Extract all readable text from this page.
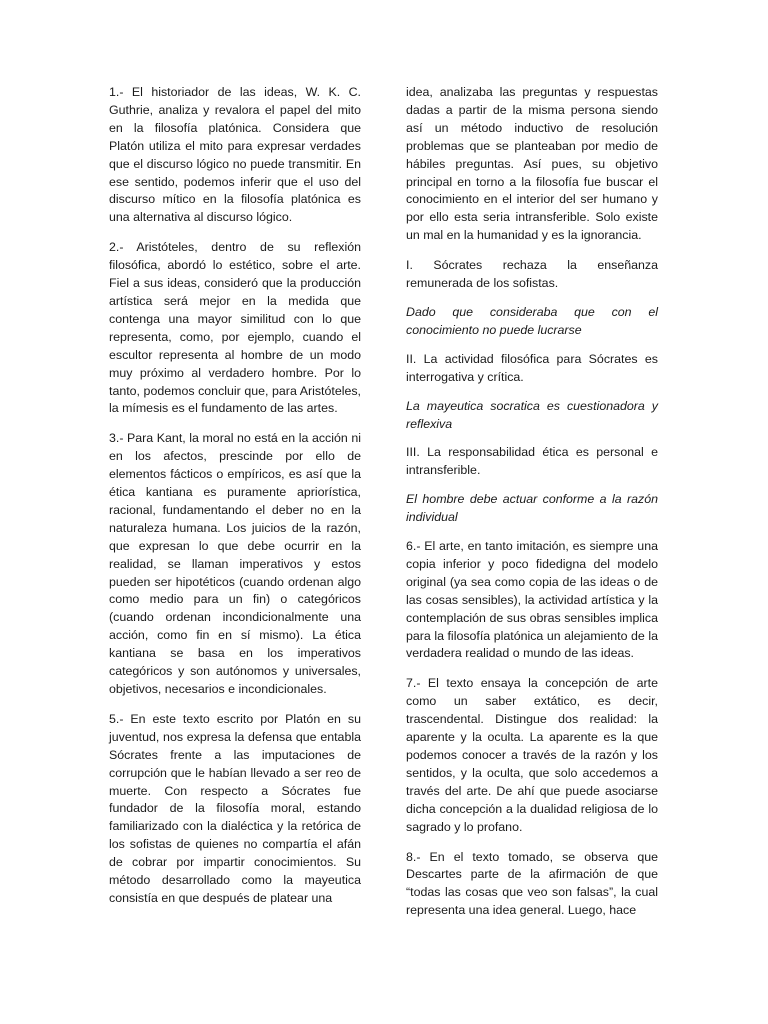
1.- El historiador de las ideas, W. K. C. Guthrie, analiza y revalora el papel del mito en la filosofía platónica. Considera que Platón utiliza el mito para expresar verdades que el discurso lógico no puede transmitir. En ese sentido, podemos inferir que el uso del discurso mítico en la filosofía platónica es una alternativa al discurso lógico.

2.- Aristóteles, dentro de su reflexión filosófica, abordó lo estético, sobre el arte. Fiel a sus ideas, consideró que la producción artística será mejor en la medida que contenga una mayor similitud con lo que representa, como, por ejemplo, cuando el escultor representa al hombre de un modo muy próximo al verdadero hombre. Por lo tanto, podemos concluir que, para Aristóteles, la mímesis es el fundamento de las artes.

3.- Para Kant, la moral no está en la acción ni en los afectos, prescinde por ello de elementos fácticos o empíricos, es así que la ética kantiana es puramente apriorística, racional, fundamentando el deber no en la naturaleza humana. Los juicios de la razón, que expresan lo que debe ocurrir en la realidad, se llaman imperativos y estos pueden ser hipotéticos (cuando ordenan algo como medio para un fin) o categóricos (cuando ordenan incondicionalmente una acción, como fin en sí mismo). La ética kantiana se basa en los imperativos categóricos y son autónomos y universales, objetivos, necesarios e incondicionales.

5.- En este texto escrito por Platón en su juventud, nos expresa la defensa que entabla Sócrates frente a las imputaciones de corrupción que le habían llevado a ser reo de muerte. Con respecto a Sócrates fue fundador de la filosofía moral, estando familiarizado con la dialéctica y la retórica de los sofistas de quienes no compartía el afán de cobrar por impartir conocimientos. Su método desarrollado como la mayeutica consistía en que después de platear una

idea, analizaba las preguntas y respuestas dadas a partir de la misma persona siendo así un método inductivo de resolución problemas que se planteaban por medio de hábiles preguntas. Así pues, su objetivo principal en torno a la filosofía fue buscar el conocimiento en el interior del ser humano y por ello esta seria intransferible. Solo existe un mal en la humanidad y es la ignorancia.

I. Sócrates rechaza la enseñanza remunerada de los sofistas.

Dado que consideraba que con el conocimiento no puede lucrarse

II. La actividad filosófica para Sócrates es interrogativa y crítica.

La mayeutica socratica es cuestionadora y reflexiva

III. La responsabilidad ética es personal e intransferible.

El hombre debe actuar conforme a la razón individual

6.- El arte, en tanto imitación, es siempre una copia inferior y poco fidedigna del modelo original (ya sea como copia de las ideas o de las cosas sensibles), la actividad artística y la contemplación de sus obras sensibles implica para la filosofía platónica un alejamiento de la verdadera realidad o mundo de las ideas.

7.- El texto ensaya la concepción de arte como un saber extático, es decir, trascendental. Distingue dos realidad: la aparente y la oculta. La aparente es la que podemos conocer a través de la razón y los sentidos, y la oculta, que solo accedemos a través del arte. De ahí que puede asociarse dicha concepción a la dualidad religiosa de lo sagrado y lo profano.

8.- En el texto tomado, se observa que Descartes parte de la afirmación de que “todas las cosas que veo son falsas”, la cual representa una idea general. Luego, hace
